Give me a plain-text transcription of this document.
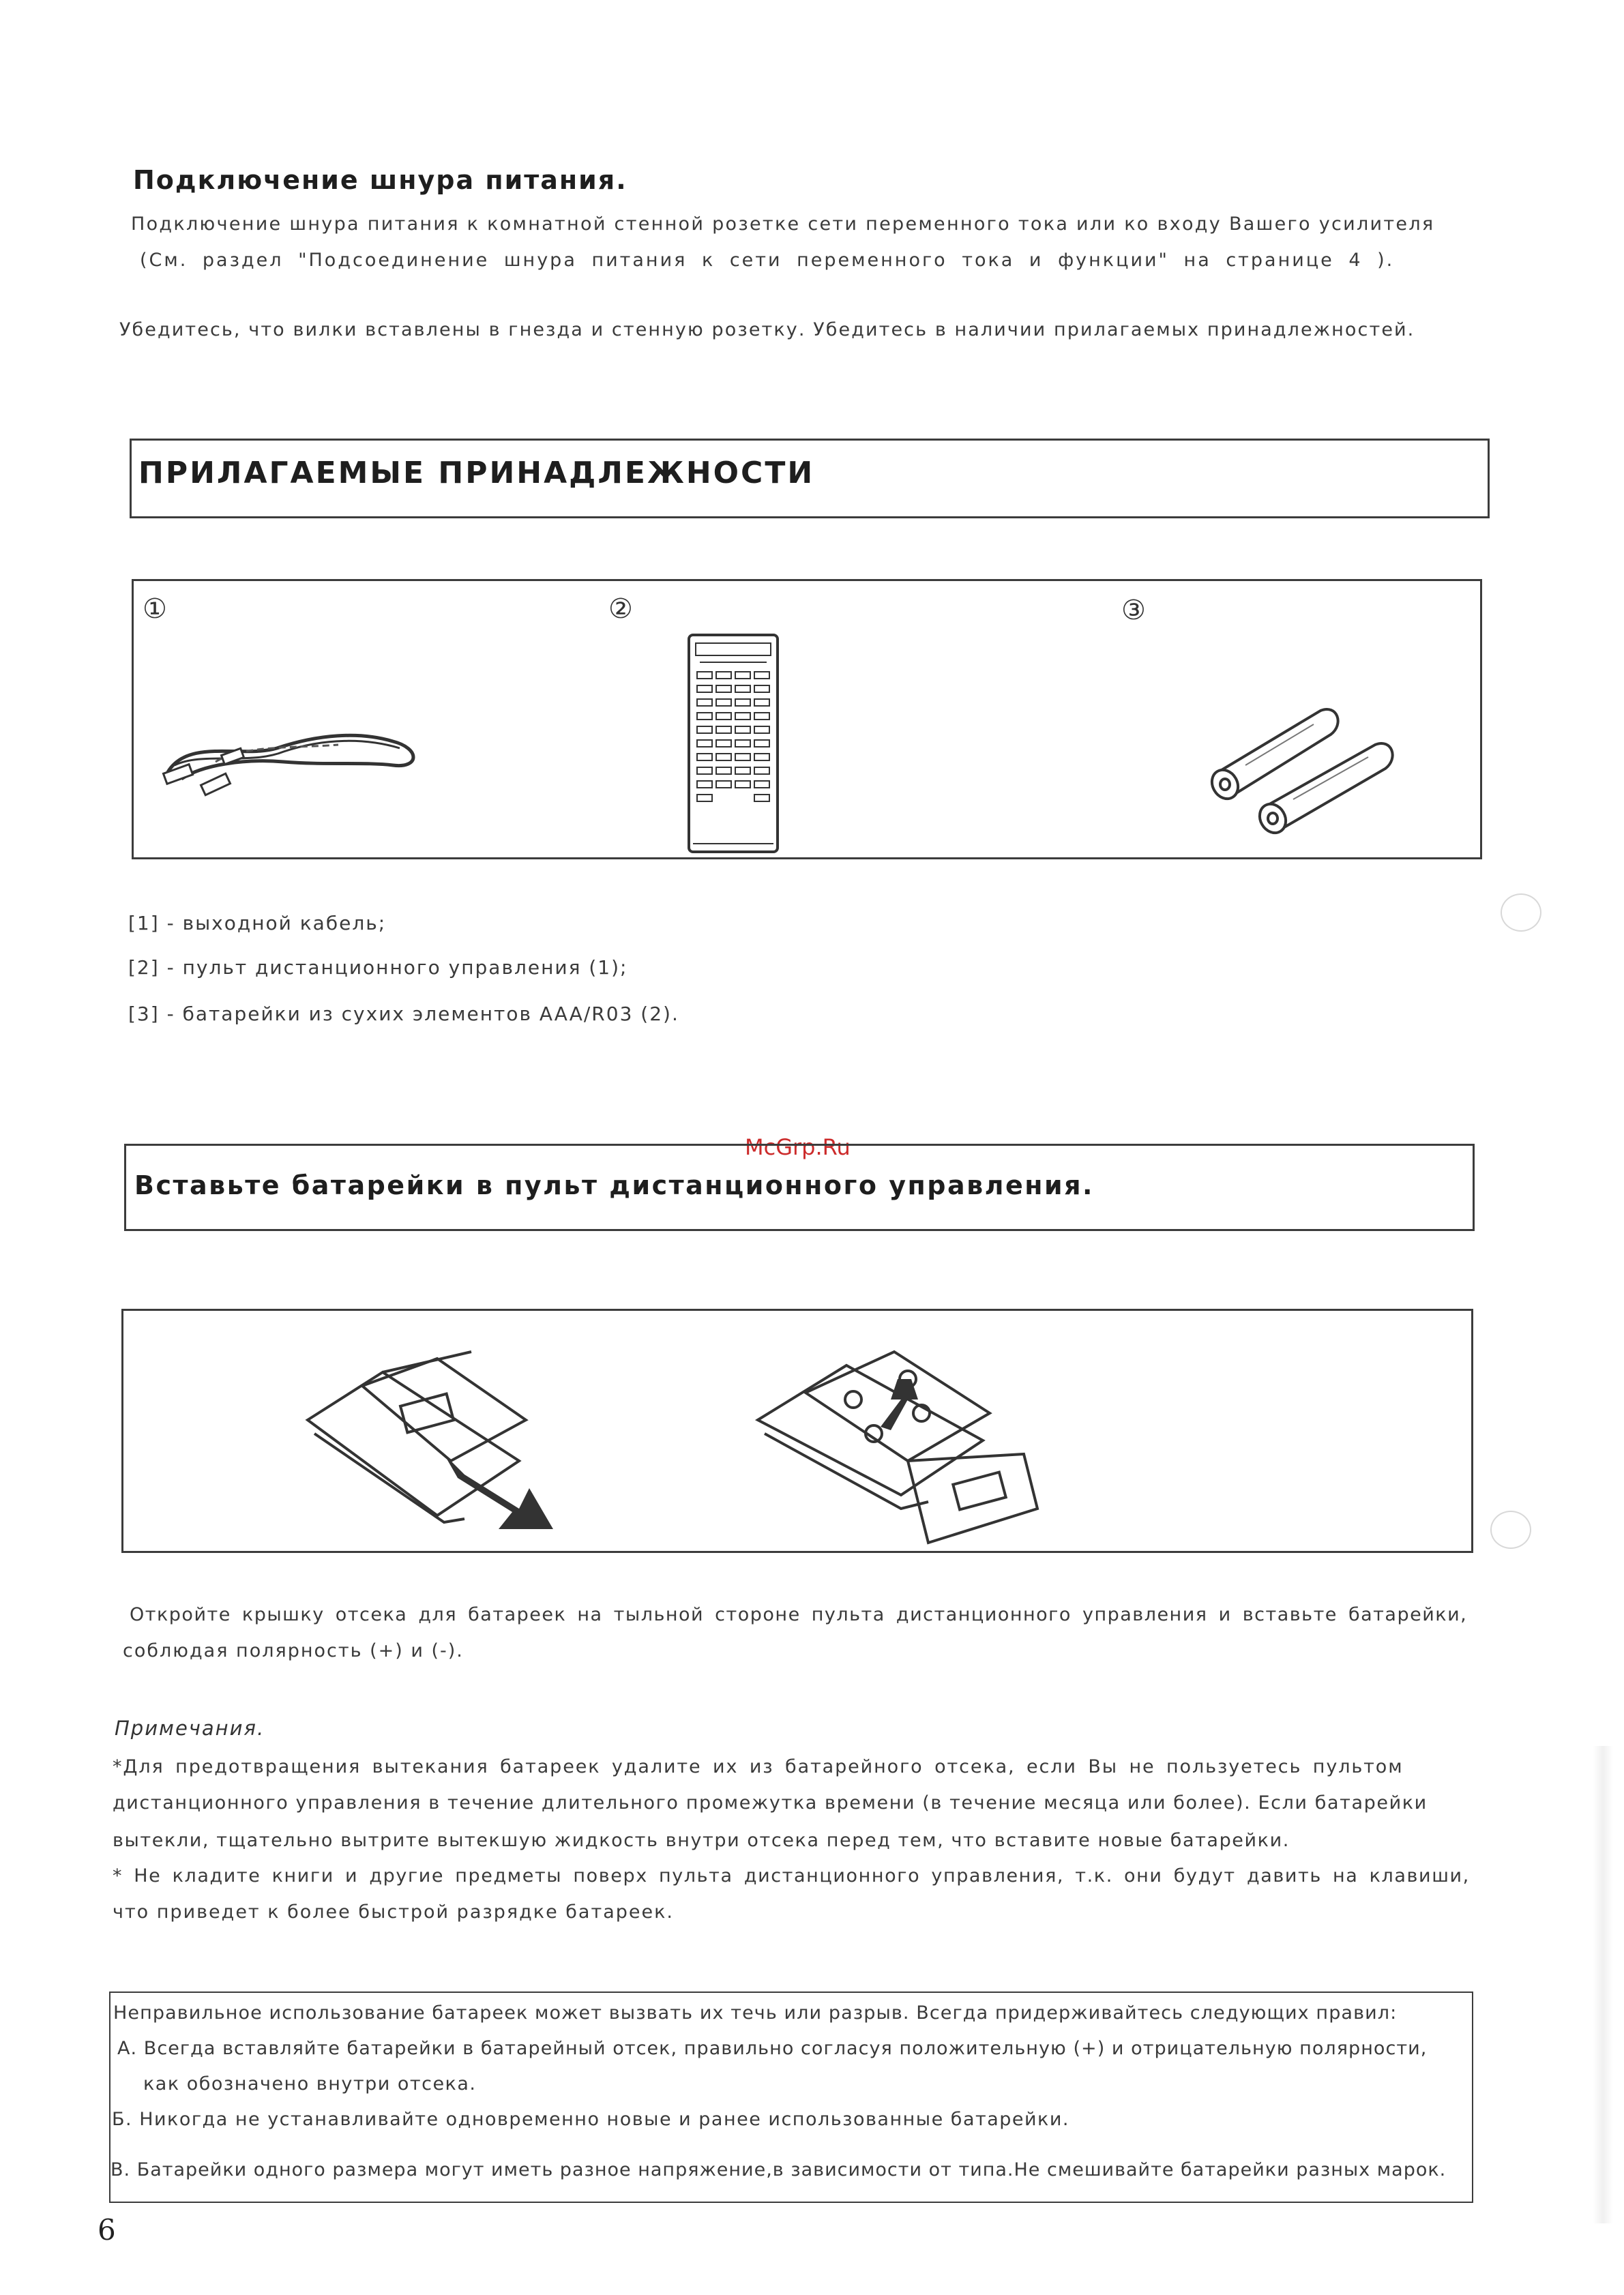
Подключение шнура питания.
Подключение шнура питания к комнатной стенной розетке сети переменного тока или ко входу Вашего усилителя
(См. раздел "Подсоединение шнура питания к сети переменного тока и функции" на странице 4 ).
Убедитесь, что вилки вставлены в гнезда и стенную розетку. Убедитесь в наличии прилагаемых принадлежностей.
ПРИЛАГАЕМЫЕ ПРИНАДЛЕЖНОСТИ
①	②	③
[1] - выходной кабель;
[2] - пульт дистанционного управления (1);
[3] - батарейки из сухих элементов AAA/R03 (2).
McGrp.Ru
Вставьте батарейки в пульт дистанционного управления.
Откройте крышку отсека для батареек на тыльной стороне пульта дистанционного управления и вставьте батарейки,
соблюдая полярность (+) и (-).
Примечания.
*Для предотвращения вытекания батареек удалите их из батарейного отсека, если Вы не пользуетесь пультом
дистанционного управления в течение длительного промежутка времени (в течение месяца или более). Если батарейки
вытекли, тщательно вытрите вытекшую жидкость внутри отсека перед тем, что вставите новые батарейки.
* Не кладите книги и другие предметы поверх пульта дистанционного управления, т.к. они будут давить на клавиши,
что приведет к более быстрой разрядке батареек.
Неправильное использование батареек может вызвать их течь или разрыв. Всегда придерживайтесь следующих правил:
А. Всегда вставляйте батарейки в батарейный отсек, правильно согласуя положительную (+) и отрицательную полярности,
как обозначено внутри отсека.
Б. Никогда не устанавливайте одновременно новые и ранее использованные батарейки.
В. Батарейки одного размера могут иметь разное напряжение,в зависимости от типа.Не смешивайте батарейки разных марок.
6
